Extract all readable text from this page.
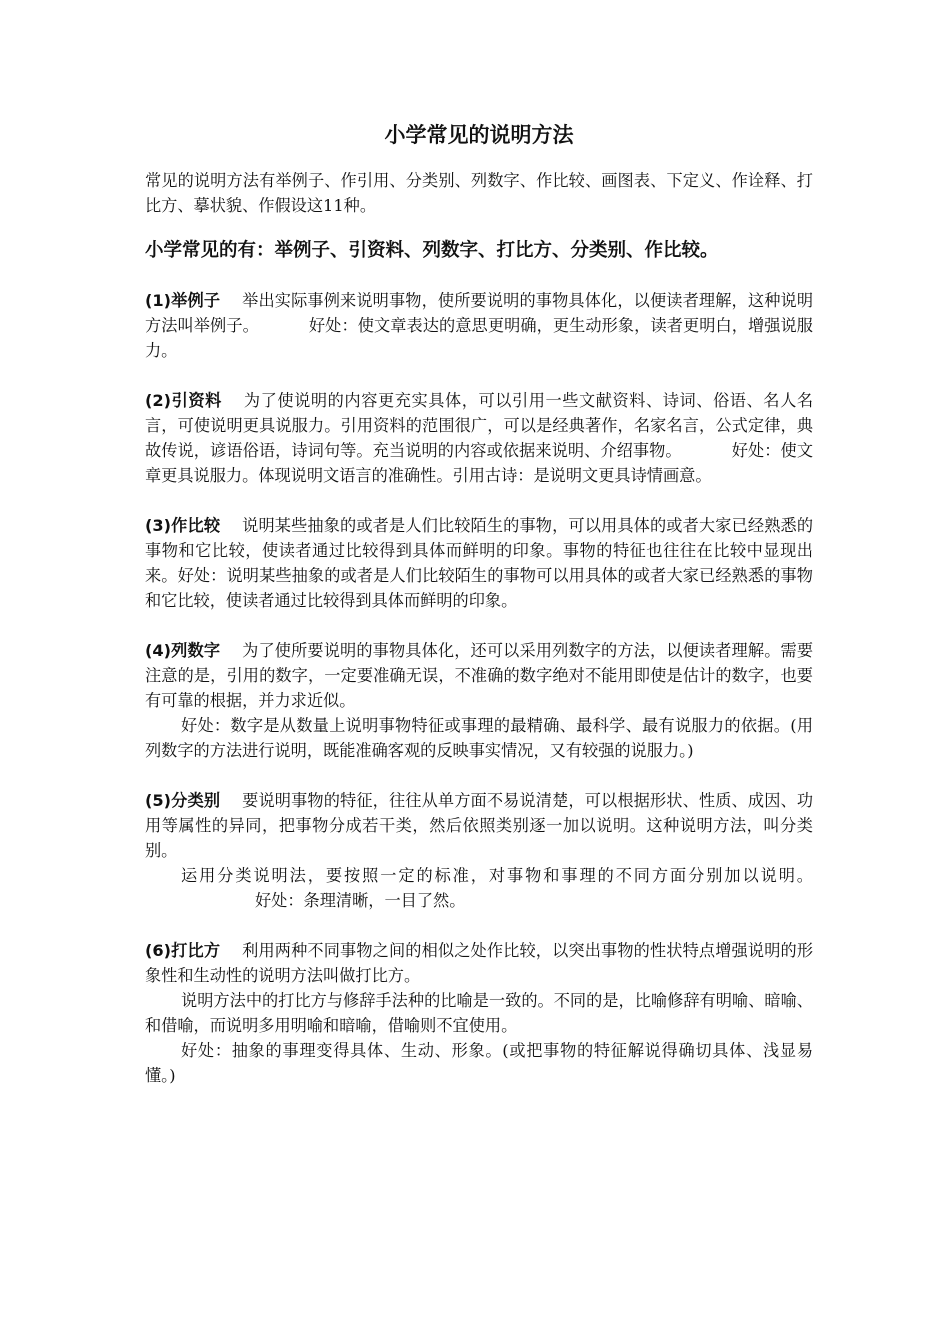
小学常见的说明方法

常见的说明方法有举例子、作引用、分类别、列数字、作比较、画图表、下定义、作诠释、打比方、摹状貌、作假设这11种。

小学常见的有：举例子、引资料、列数字、打比方、分类别、作比较。

(1)举例子 举出实际事例来说明事物，使所要说明的事物具体化，以便读者理解，这种说明方法叫举例子。	好处：使文章表达的意思更明确，更生动形象，读者更明白，增强说服力。

(2)引资料 为了使说明的内容更充实具体，可以引用一些文献资料、诗词、俗语、名人名言，可使说明更具说服力。引用资料的范围很广，可以是经典著作，名家名言，公式定律，典故传说，谚语俗语，诗词句等。充当说明的内容或依据来说明、介绍事物。	好处：使文章更具说服力。体现说明文语言的准确性。引用古诗：是说明文更具诗情画意。

(3)作比较 说明某些抽象的或者是人们比较陌生的事物，可以用具体的或者大家已经熟悉的事物和它比较，使读者通过比较得到具体而鲜明的印象。事物的特征也往往在比较中显现出来。好处：说明某些抽象的或者是人们比较陌生的事物可以用具体的或者大家已经熟悉的事物和它比较，使读者通过比较得到具体而鲜明的印象。

(4)列数字 为了使所要说明的事物具体化，还可以采用列数字的方法，以便读者理解。需要注意的是，引用的数字，一定要准确无误，不准确的数字绝对不能用即使是估计的数字，也要有可靠的根据，并力求近似。

好处：数字是从数量上说明事物特征或事理的最精确、最科学、最有说服力的依据。(用列数字的方法进行说明，既能准确客观的反映事实情况，又有较强的说服力。)

(5)分类别 要说明事物的特征，往往从单方面不易说清楚，可以根据形状、性质、成因、功用等属性的异同，把事物分成若干类，然后依照类别逐一加以说明。这种说明方法，叫分类别。

运用分类说明法，要按照一定的标准，对事物和事理的不同方面分别加以说明。好处：条理清晰，一目了然。

(6)打比方 利用两种不同事物之间的相似之处作比较，以突出事物的性状特点增强说明的形象性和生动性的说明方法叫做打比方。

说明方法中的打比方与修辞手法种的比喻是一致的。不同的是，比喻修辞有明喻、暗喻、和借喻，而说明多用明喻和暗喻，借喻则不宜使用。

好处：抽象的事理变得具体、生动、形象。(或把事物的特征解说得确切具体、浅显易懂。)
